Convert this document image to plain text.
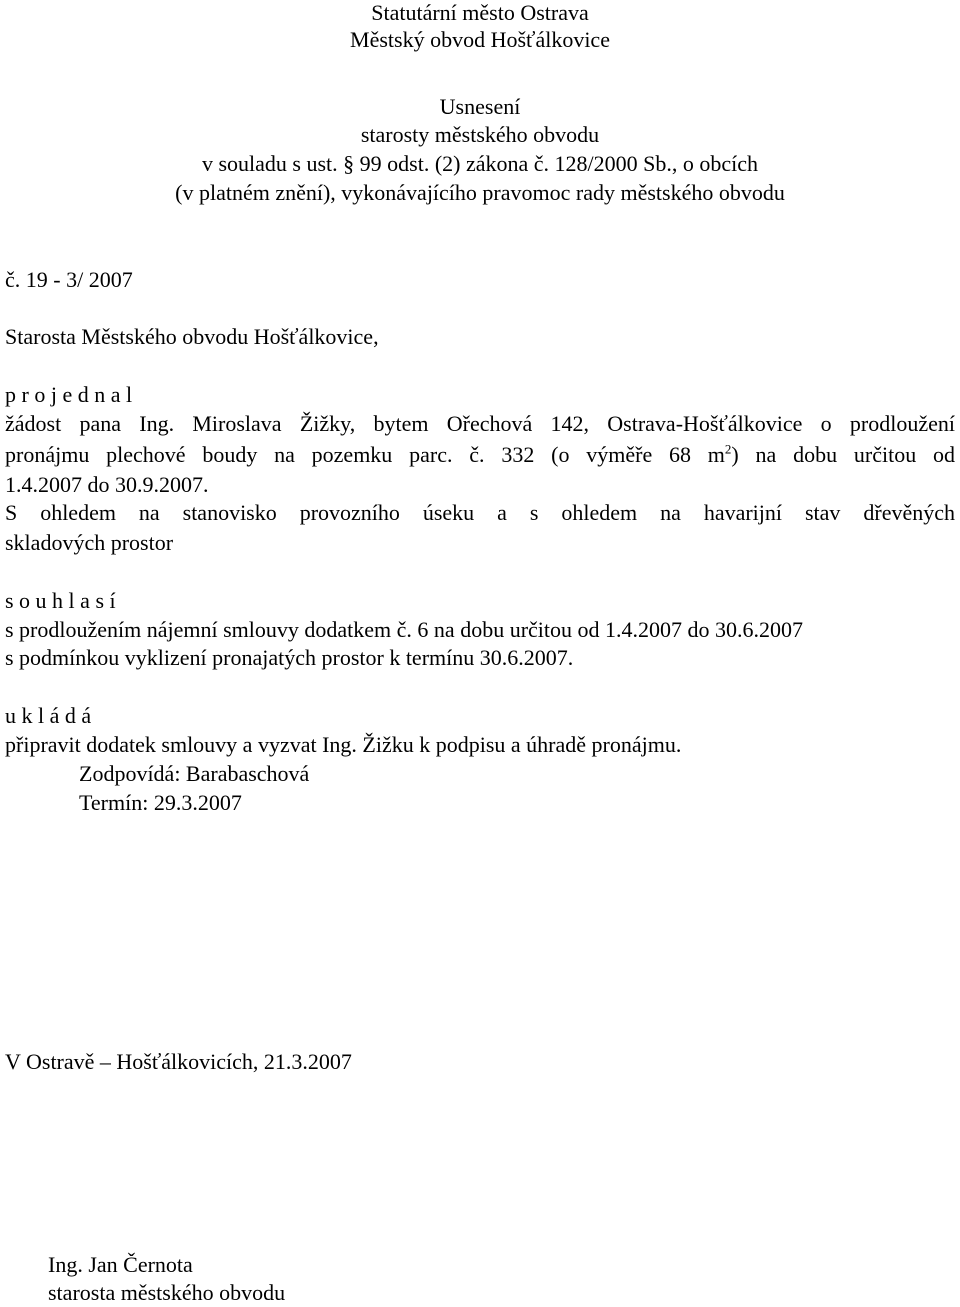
Statutární město Ostrava
Městský obvod Hošťálkovice
Usnesení
starosty městského obvodu
v souladu s ust. § 99 odst. (2) zákona č. 128/2000 Sb., o obcích
(v platném znění), vykonávajícího pravomoc rady městského obvodu
č. 19 - 3/ 2007
Starosta Městského obvodu Hošťálkovice,
p r o j e d n a l
žádost pana Ing. Miroslava Žižky, bytem Ořechová 142, Ostrava-Hošťálkovice o prodloužení
pronájmu plechové boudy na pozemku parc. č. 332 (o výměře 68 $m^2$) na dobu určitou od
1.4.2007 do 30.9.2007.
S ohledem na stanovisko provozního úseku a s ohledem na havarijní stav dřevěných
skladových prostor
s o u h l a s í
s prodloužením nájemní smlouvy dodatkem č. 6 na dobu určitou od 1.4.2007 do 30.6.2007
s podmínkou vyklizení pronajatých prostor k termínu 30.6.2007.
u k l á d á
připravit dodatek smlouvy a vyzvat Ing. Žižku k podpisu a úhradě pronájmu.
Zodpovídá: Barabaschová
Termín: 29.3.2007
V Ostravě – Hošťálkovicích, 21.3.2007
Ing. Jan Černota
starosta městského obvodu
